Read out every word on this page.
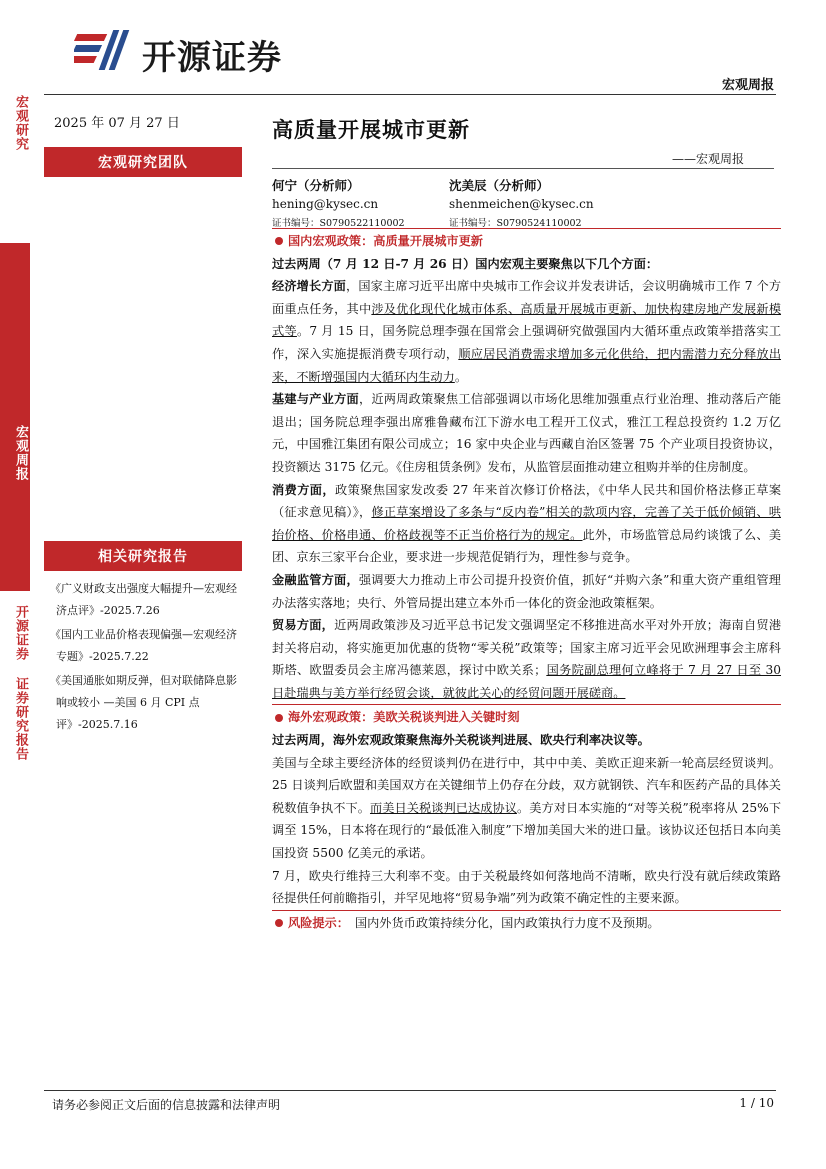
开源证券
宏观周报
宏观研究
宏观周报
开源证券 证券研究报告
2025 年 07 月 27 日
宏观研究团队
相关研究报告

《广义财政支出强度大幅提升—宏观经济点评》-2025.7.26

《国内工业品价格表现偏强—宏观经济专题》-2025.7.22

《美国通胀如期反弹，但对联储降息影响或较小 —美国 6 月 CPI 点评》-2025.7.16

高质量开展城市更新
——宏观周报
何宁（分析师）
hening@kysec.cn
证书编号：S0790522110002
沈美辰（分析师）
shenmeichen@kysec.cn
证书编号：S0790524110002
国内宏观政策：高质量开展城市更新

过去两周（7 月 12 日-7 月 26 日）国内宏观主要聚焦以下几个方面：

经济增长方面，国家主席习近平出席中央城市工作会议并发表讲话，会议明确城市工作 7 个方面重点任务，其中涉及优化现代化城市体系、高质量开展城市更新、加快构建房地产发展新模式等。7 月 15 日，国务院总理李强在国常会上强调研究做强国内大循环重点政策举措落实工作，深入实施提振消费专项行动，顺应居民消费需求增加多元化供给，把内需潜力充分释放出来，不断增强国内大循环内生动力。

基建与产业方面，近两周政策聚焦工信部强调以市场化思维加强重点行业治理、推动落后产能退出；国务院总理李强出席雅鲁藏布江下游水电工程开工仪式，雅江工程总投资约 1.2 万亿元，中国雅江集团有限公司成立；16 家中央企业与西藏自治区签署 75 个产业项目投资协议，投资额达 3175 亿元。《住房租赁条例》发布，从监管层面推动建立租购并举的住房制度。

消费方面，政策聚焦国家发改委 27 年来首次修订价格法，《中华人民共和国价格法修正草案（征求意见稿）》，修正草案增设了多条与“反内卷”相关的款项内容，完善了关于低价倾销、哄抬价格、价格串通、价格歧视等不正当价格行为的规定。此外，市场监管总局约谈饿了么、美团、京东三家平台企业，要求进一步规范促销行为，理性参与竞争。

金融监管方面，强调要大力推动上市公司提升投资价值，抓好“并购六条”和重大资产重组管理办法落实落地；央行、外管局提出建立本外币一体化的资金池政策框架。

贸易方面，近两周政策涉及习近平总书记发文强调坚定不移推进高水平对外开放；海南自贸港封关将启动，将实施更加优惠的货物“零关税”政策等；国家主席习近平会见欧洲理事会主席科斯塔、欧盟委员会主席冯德莱恩，探讨中欧关系；国务院副总理何立峰将于 7 月 27 日至 30 日赴瑞典与美方举行经贸会谈，就彼此关心的经贸问题开展磋商。

海外宏观政策：美欧关税谈判进入关键时刻

过去两周，海外宏观政策聚焦海外关税谈判进展、欧央行利率决议等。

美国与全球主要经济体的经贸谈判仍在进行中，其中中美、美欧正迎来新一轮高层经贸谈判。25 日谈判后欧盟和美国双方在关键细节上仍存在分歧，双方就钢铁、汽车和医药产品的具体关税数值争执不下。而美日关税谈判已达成协议。美方对日本实施的“对等关税”税率将从 25%下调至 15%，日本将在现行的“最低准入制度”下增加美国大米的进口量。该协议还包括日本向美国投资 5500 亿美元的承诺。

7 月，欧央行维持三大利率不变。由于关税最终如何落地尚不清晰，欧央行没有就后续政策路径提供任何前瞻指引，并罕见地将“贸易争端”列为政策不确定性的主要来源。

风险提示： 国内外货币政策持续分化，国内政策执行力度不及预期。
请务必参阅正文后面的信息披露和法律声明	1 / 10
